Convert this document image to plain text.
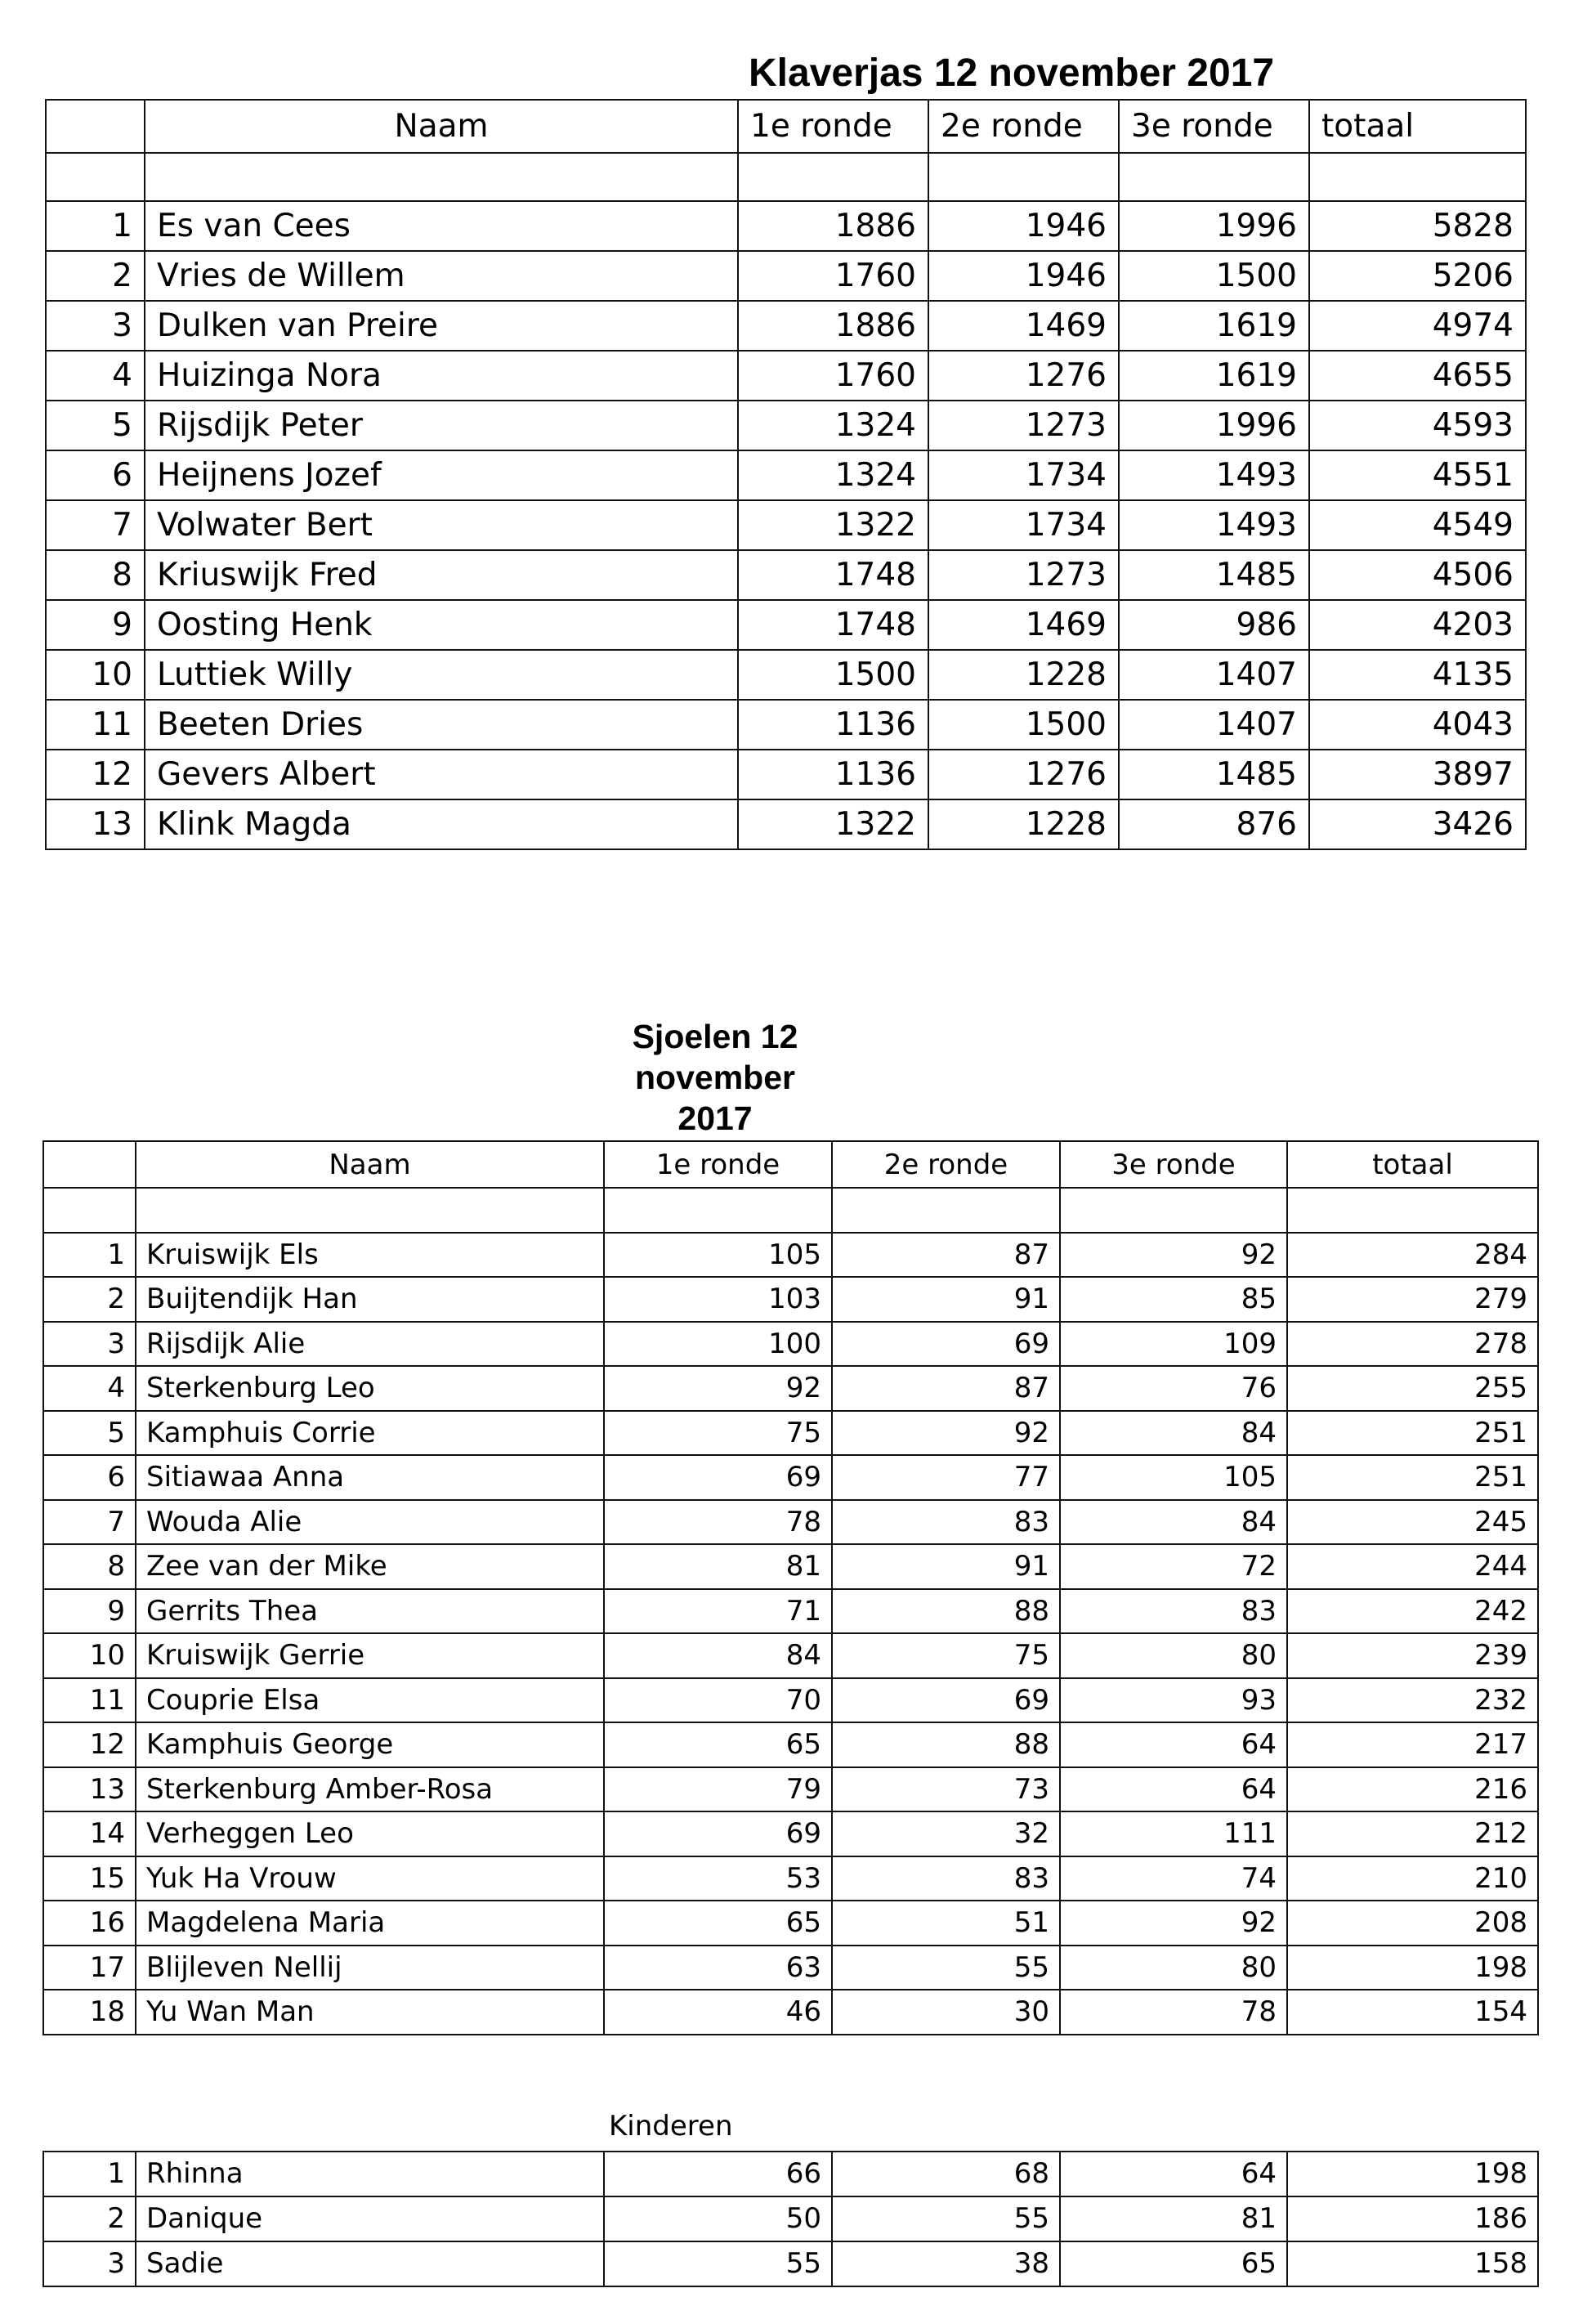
Klaverjas 12 november 2017
	Naam	1e ronde	2e ronde	3e ronde	totaal

1	Es van Cees	1886	1946	1996	5828
2	Vries de Willem	1760	1946	1500	5206
3	Dulken van Preire	1886	1469	1619	4974
4	Huizinga Nora	1760	1276	1619	4655
5	Rijsdijk Peter	1324	1273	1996	4593
6	Heijnens Jozef	1324	1734	1493	4551
7	Volwater Bert	1322	1734	1493	4549
8	Kriuswijk Fred	1748	1273	1485	4506
9	Oosting Henk	1748	1469	986	4203
10	Luttiek Willy	1500	1228	1407	4135
11	Beeten Dries	1136	1500	1407	4043
12	Gevers Albert	1136	1276	1485	3897
13	Klink Magda	1322	1228	876	3426
Sjoelen 12
november
2017
	Naam	1e ronde	2e ronde	3e ronde	totaal

1	Kruiswijk Els	105	87	92	284
2	Buijtendijk Han	103	91	85	279
3	Rijsdijk Alie	100	69	109	278
4	Sterkenburg Leo	92	87	76	255
5	Kamphuis Corrie	75	92	84	251
6	Sitiawaa Anna	69	77	105	251
7	Wouda Alie	78	83	84	245
8	Zee van der Mike	81	91	72	244
9	Gerrits Thea	71	88	83	242
10	Kruiswijk Gerrie	84	75	80	239
11	Couprie Elsa	70	69	93	232
12	Kamphuis George	65	88	64	217
13	Sterkenburg Amber-Rosa	79	73	64	216
14	Verheggen Leo	69	32	111	212
15	Yuk Ha Vrouw	53	83	74	210
16	Magdelena Maria	65	51	92	208
17	Blijleven Nellij	63	55	80	198
18	Yu Wan Man	46	30	78	154
Kinderen
1	Rhinna	66	68	64	198
2	Danique	50	55	81	186
3	Sadie	55	38	65	158
